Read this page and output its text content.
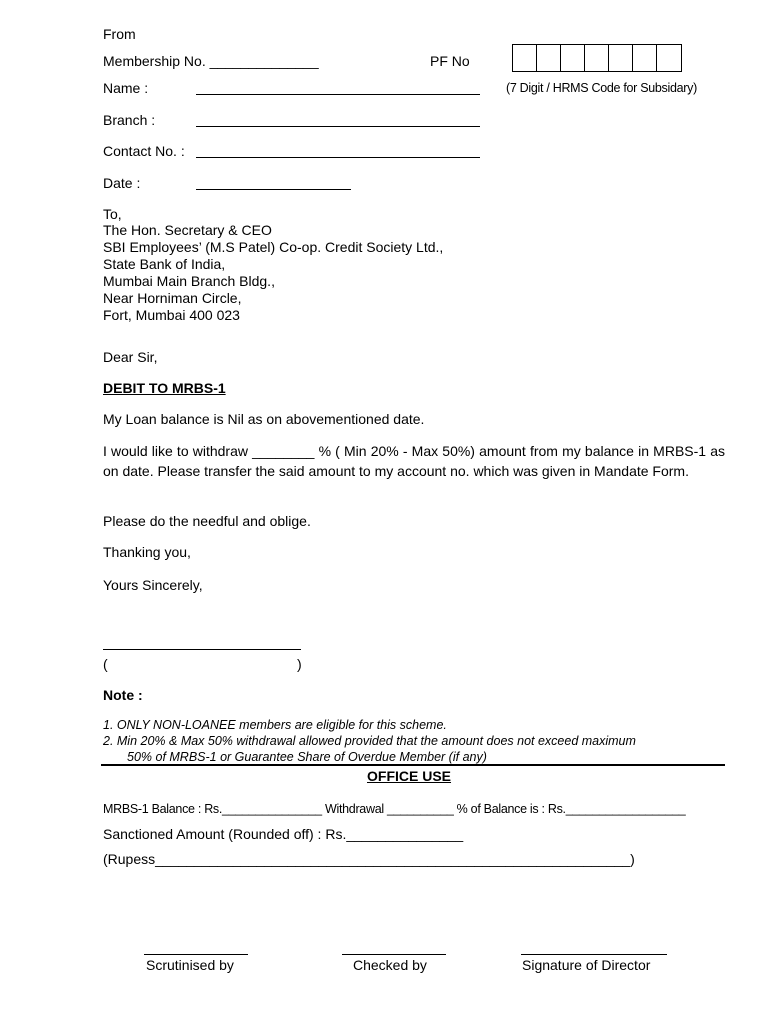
From
Membership No. ______________	PF No
Name :	(7 Digit / HRMS Code for Subsidary)
Branch :
Contact No. :
Date :
To,
The Hon. Secretary & CEO
SBI Employees’ (M.S Patel) Co-op. Credit Society Ltd.,
State Bank of India,
Mumbai Main Branch Bldg.,
Near Horniman Circle,
Fort, Mumbai 400 023
Dear Sir,
DEBIT TO MRBS-1
My Loan balance is Nil as on abovementioned date.
I would like to withdraw ________ % ( Min 20% - Max 50%) amount from my balance in MRBS-1 as on date. Please transfer the said amount to my account no. which was given in Mandate Form.
Please do the needful and oblige.
Thanking you,
Yours Sincerely,
(	)
Note :
1. ONLY NON-LOANEE members are eligible for this scheme.
2. Min 20% & Max 50% withdrawal allowed provided that the amount does not exceed maximum
50% of MRBS-1 or Guarantee Share of Overdue Member (if any)
OFFICE USE
MRBS-1 Balance : Rs._______________ Withdrawal __________ % of Balance is : Rs.__________________
Sanctioned Amount (Rounded off) : Rs._______________
(Rupess_____________________________________________________________)
Scrutinised by	Checked by	Signature of Director
